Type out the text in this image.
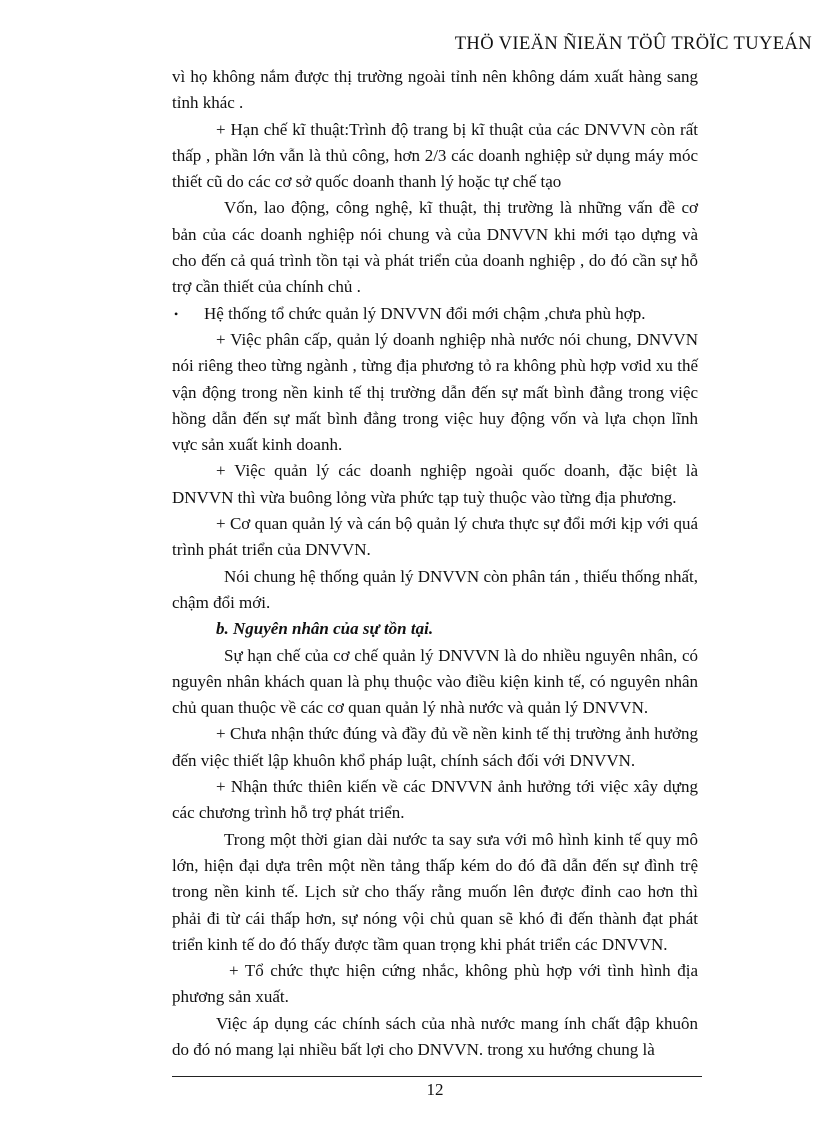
THÖ VIEÄN ÑIEÄN TÖÛ TRÖÏC TUYEÁN

vì họ không nắm được thị trường ngoài tỉnh nên không dám xuất hàng sang tỉnh khác .

+ Hạn chế kĩ thuật:Trình độ trang bị kĩ thuật của các DNVVN còn rất thấp , phần lớn vẫn là thủ công, hơn 2/3 các doanh nghiệp sử dụng máy móc thiết cũ do các cơ sở quốc doanh thanh lý hoặc tự chế tạo

Vốn, lao động, công nghệ, kĩ thuật, thị trường là những vấn đề cơ bản của các doanh nghiệp nói chung và của DNVVN khi mới tạo dựng và cho đến cả quá trình tồn tại và phát triển của doanh nghiệp , do đó cần sự hỗ trợ cần thiết của chính chủ .

•	Hệ thống tổ chức quản lý DNVVN đổi mới chậm ,chưa phù hợp.

+ Việc phân cấp, quản lý doanh nghiệp nhà nước nói chung, DNVVN nói riêng theo từng ngành , từng địa phương tỏ ra không phù hợp vơid xu thế vận động trong nền kinh tế thị trường dẫn đến sự mất bình đẳng trong việc hồng dẫn đến sự mất bình đẳng trong việc huy động vốn và lựa chọn lĩnh vực sản xuất kinh doanh.

+ Việc quản lý các doanh nghiệp ngoài quốc doanh, đặc biệt là DNVVN thì vừa buông lỏng vừa phức tạp tuỳ thuộc vào từng địa phương.

+ Cơ quan quản lý và cán bộ quản lý chưa thực sự đổi mới kịp với quá trình phát triển của DNVVN.

Nói chung hệ thống quản lý DNVVN còn phân tán , thiếu thống nhất, chậm đổi mới.

b. Nguyên nhân của sự tồn tại.

Sự hạn chế của cơ chế quản lý DNVVN là do nhiều nguyên nhân, có nguyên nhân khách quan là phụ thuộc vào điều kiện kinh tế, có nguyên nhân chủ quan thuộc về các cơ quan quản lý nhà nước và quản lý DNVVN.

+ Chưa nhận thức đúng và đầy đủ về nền kinh tế thị trường ảnh hưởng đến việc thiết lập khuôn khổ pháp luật, chính sách đối với DNVVN.

+ Nhận thức thiên kiến về các DNVVN ảnh hưởng tới việc xây dựng các chương trình hỗ trợ phát triển.

Trong một thời gian dài nước ta say sưa với mô hình kinh tế quy mô lớn, hiện đại dựa trên một nền tảng thấp kém do đó đã dẫn đến sự đình trệ trong nền kinh tế. Lịch sử cho thấy rằng muốn lên được đỉnh cao hơn thì phải đi từ cái thấp hơn, sự nóng vội chủ quan sẽ khó đi đến thành đạt phát triển kinh tế do đó thấy được tầm quan trọng khi phát triển các DNVVN.

+ Tổ chức thực hiện cứng nhắc, không phù hợp với tình hình địa phương sản xuất.

Việc áp dụng các chính sách của nhà nước mang ính chất đập khuôn do đó nó mang lại nhiều bất lợi cho DNVVN. trong xu hướng chung là

12
